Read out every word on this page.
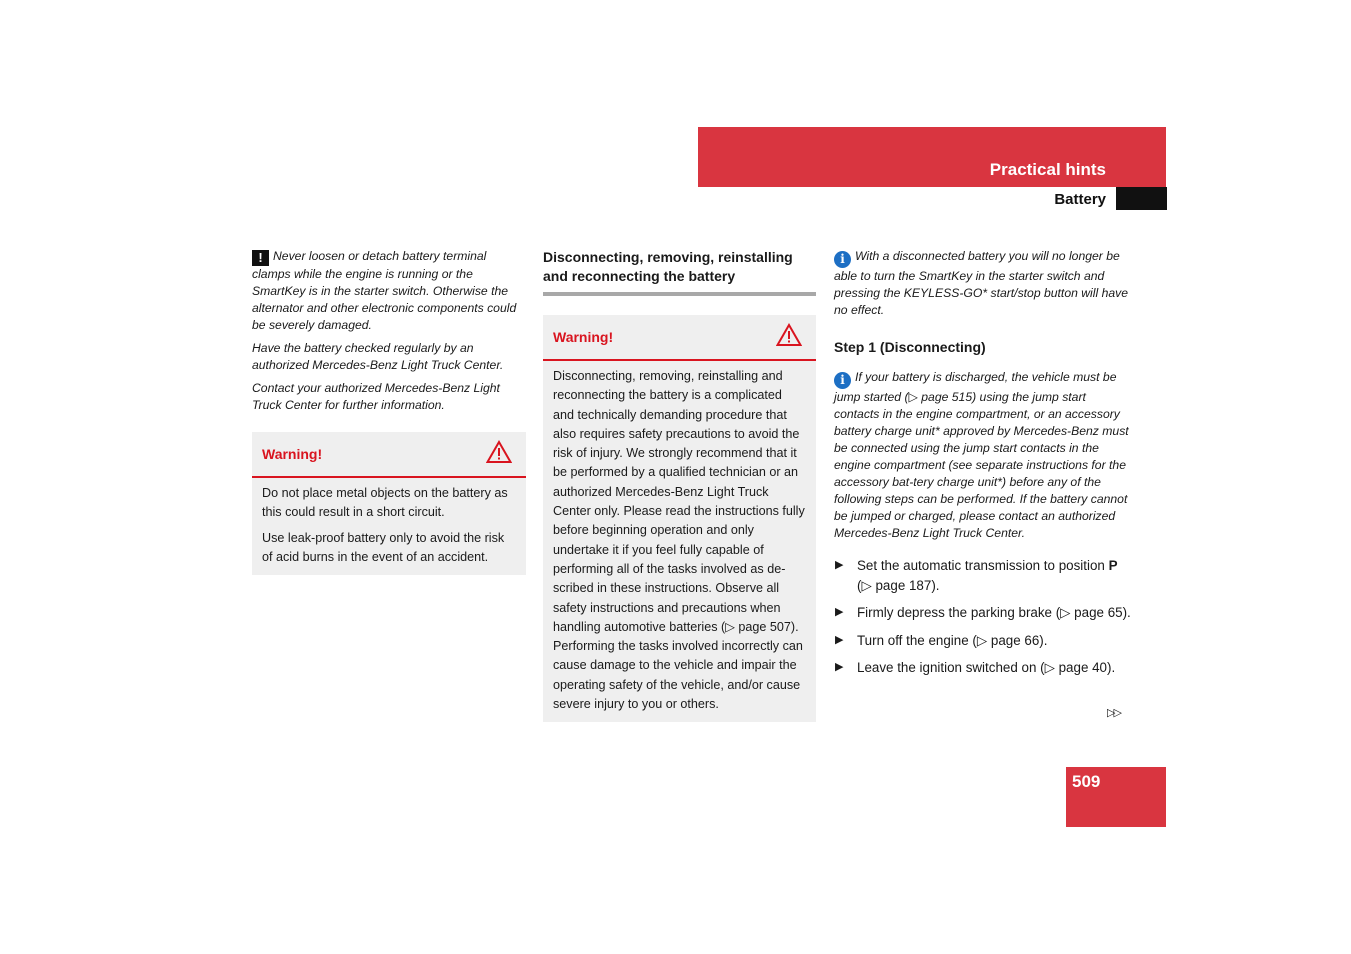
Practical hints
Battery

! Never loosen or detach battery terminal clamps while the engine is running or the SmartKey is in the starter switch. Otherwise the alternator and other electronic components could be severely damaged.

Have the battery checked regularly by an authorized Mercedes-Benz Light Truck Center.

Contact your authorized Mercedes-Benz Light Truck Center for further information.

Warning!

Do not place metal objects on the battery as this could result in a short circuit.

Use leak-proof battery only to avoid the risk of acid burns in the event of an accident.

Disconnecting, removing, reinstalling and reconnecting the battery
Warning!

Disconnecting, removing, reinstalling and reconnecting the battery is a complicated and technically demanding procedure that also requires safety precautions to avoid the risk of injury. We strongly recommend that it be performed by a qualified technician or an authorized Mercedes-Benz Light Truck Center only. Please read the instructions fully before beginning operation and only undertake it if you feel fully capable of performing all of the tasks involved as de-scribed in these instructions. Observe all safety instructions and precautions when handling automotive batteries (▷ page 507). Performing the tasks involved incorrectly can cause damage to the vehicle and impair the operating safety of the vehicle, and/or cause severe injury to you or others.

i With a disconnected battery you will no longer be able to turn the SmartKey in the starter switch and pressing the KEYLESS-GO* start/stop button will have no effect.

Step 1 (Disconnecting)

i If your battery is discharged, the vehicle must be jump started (▷ page 515) using the jump start contacts in the engine compartment, or an accessory battery charge unit* approved by Mercedes-Benz must be connected using the jump start contacts in the engine compartment (see separate instructions for the accessory bat-tery charge unit*) before any of the following steps can be performed. If the battery cannot be jumped or charged, please contact an authorized Mercedes-Benz Light Truck Center.

▶ Set the automatic transmission to position P (▷ page 187).
▶ Firmly depress the parking brake (▷ page 65).
▶ Turn off the engine (▷ page 66).
▶ Leave the ignition switched on (▷ page 40).
▷▷
509
